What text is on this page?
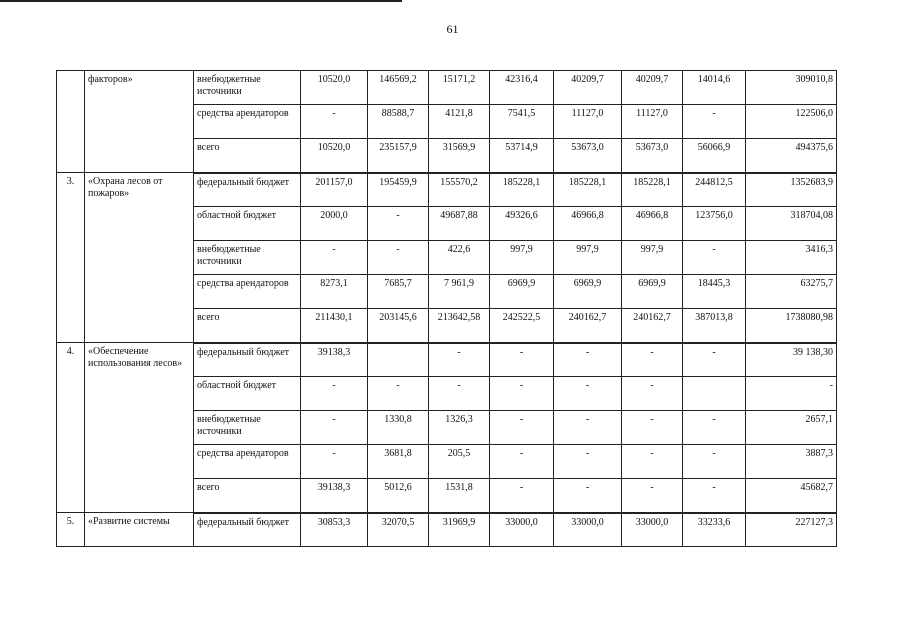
61
	факторов»	внебюджетные источники	10520,0	146569,2	15171,2	42316,4	40209,7	40209,7	14014,6	309010,8
		средства арендаторов	-	88588,7	4121,8	7541,5	11127,0	11127,0	-	122506,0
		всего	10520,0	235157,9	31569,9	53714,9	53673,0	53673,0	56066,9	494375,6
3.	«Охрана лесов от пожаров»	федеральный бюджет	201157,0	195459,9	155570,2	185228,1	185228,1	185228,1	244812,5	1352683,9
		областной бюджет	2000,0	-	49687,88	49326,6	46966,8	46966,8	123756,0	318704,08
		внебюджетные источники	-	-	422,6	997,9	997,9	997,9	-	3416,3
		средства арендаторов	8273,1	7685,7	7 961,9	6969,9	6969,9	6969,9	18445,3	63275,7
		всего	211430,1	203145,6	213642,58	242522,5	240162,7	240162,7	387013,8	1738080,98
4.	«Обеспечение использования лесов»	федеральный бюджет	39138,3		-	-	-	-	-	39 138,30
		областной бюджет	-	-	-	-	-	-		-
		внебюджетные источники	-	1330,8	1326,3	-	-	-	-	2657,1
		средства арендаторов	-	3681,8	205,5	-	-	-	-	3887,3
		всего	39138,3	5012,6	1531,8	-	-	-	-	45682,7
5.	«Развитие системы	федеральный бюджет	30853,3	32070,5	31969,9	33000,0	33000,0	33000,0	33233,6	227127,3
